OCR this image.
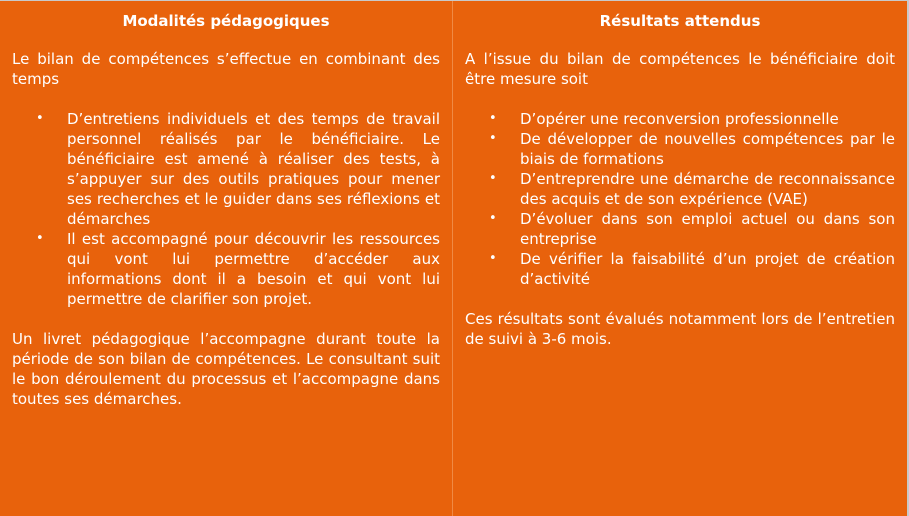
Modalités pédagogiques

Le bilan de compétences s’effectue en combinant des temps

• D’entretiens individuels et des temps de travail personnel réalisés par le bénéficiaire. Le bénéficiaire est amené à réaliser des tests, à s’appuyer sur des outils pratiques pour mener ses recherches et le guider dans ses réflexions et démarches
• Il est accompagné pour découvrir les ressources qui vont lui permettre d’accéder aux informations dont il a besoin et qui vont lui permettre de clarifier son projet.

Un livret pédagogique l’accompagne durant toute la période de son bilan de compétences. Le consultant suit le bon déroulement du processus et l’accompagne dans toutes ses démarches.

Résultats attendus

A l’issue du bilan de compétences le bénéficiaire doit être mesure soit

• D’opérer une reconversion professionnelle
• De développer de nouvelles compétences par le biais de formations
• D’entreprendre une démarche de reconnaissance des acquis et de son expérience (VAE)
• D’évoluer dans son emploi actuel ou dans son entreprise
• De vérifier la faisabilité d’un projet de création d’activité

Ces résultats sont évalués notamment lors de l’entretien de suivi à 3-6 mois.
